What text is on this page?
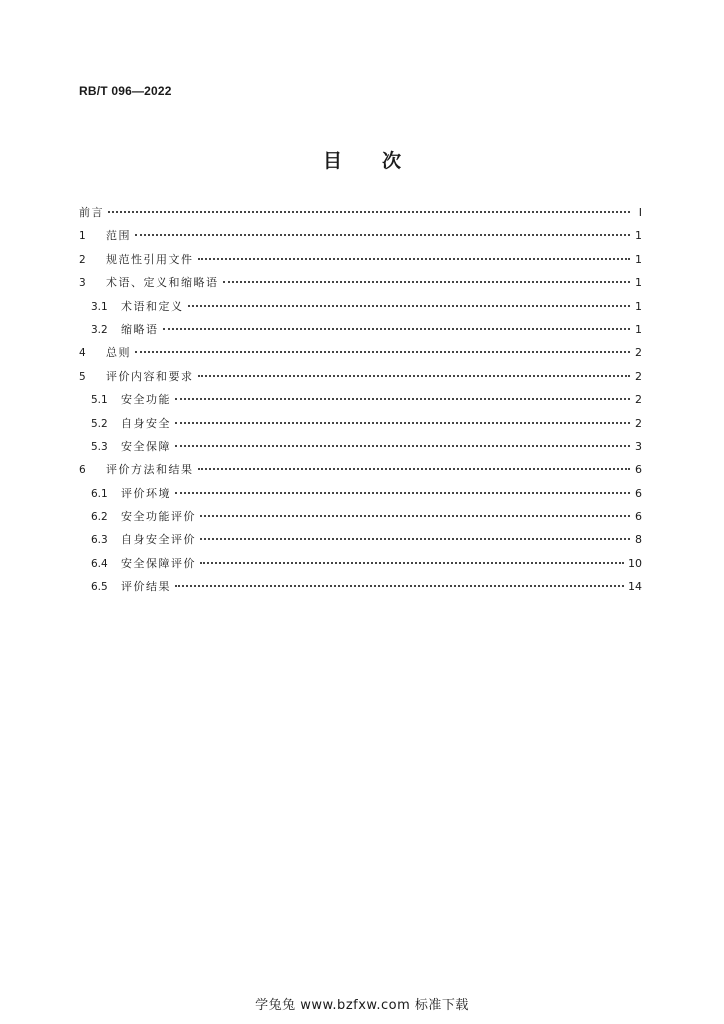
RB/T 096—2022
目次
前言	Ⅰ
1	范围	1
2	规范性引用文件	1
3	术语、定义和缩略语	1
3.1	术语和定义	1
3.2	缩略语	1
4	总则	2
5	评价内容和要求	2
5.1	安全功能	2
5.2	自身安全	2
5.3	安全保障	3
6	评价方法和结果	6
6.1	评价环境	6
6.2	安全功能评价	6
6.3	自身安全评价	8
6.4	安全保障评价	10
6.5	评价结果	14
学兔兔 www.bzfxw.com 标准下载
